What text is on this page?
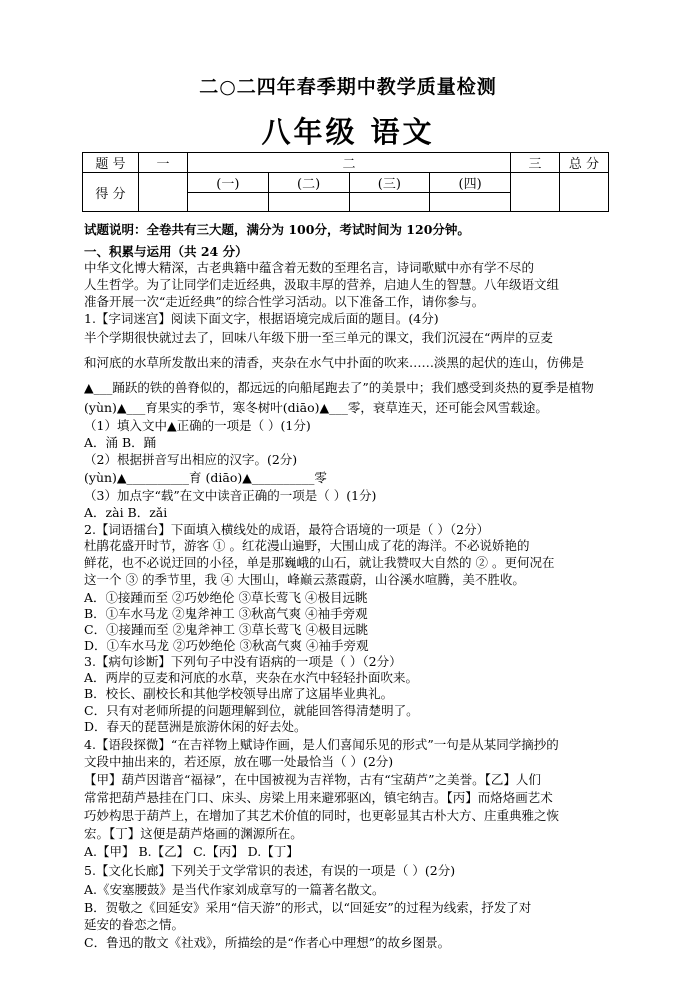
二○二四年春季期中教学质量检测
八年级 语文
题 号	一	二				三	总 分
得 分		(一)	(二)	(三)	(四)		

试题说明：全卷共有三大题，满分为 100分，考试时间为 120分钟。
一、积累与运用（共 24 分）
中华文化博大精深，古老典籍中蕴含着无数的至理名言，诗词歌赋中亦有学不尽的
人生哲学。为了让同学们走近经典，汲取丰厚的营养，启迪人生的智慧。八年级语文组
准备开展一次“走近经典”的综合性学习活动。以下准备工作，请你参与。
1.【字词迷宫】阅读下面文字，根据语境完成后面的题目。(4分)
半个学期很快就过去了，回味八年级下册一至三单元的课文，我们沉浸在“两岸的豆麦
和河底的水草所发散出来的清香，夹杂在水气中扑面的吹来……淡黑的起伏的连山，仿佛是
▲___踊跃的铁的兽脊似的，都远远的向船尾跑去了”的美景中；我们感受到炎热的夏季是植物
(yùn)▲___育果实的季节，寒冬树叶(diāo)▲___零，衰草连天，还可能会风雪载途。
（1）填入文中▲正确的一项是（ ）(1分)
A．涌 B．踊
（2）根据拼音写出相应的汉字。(2分)
(yùn)▲__________育 (diāo)▲__________零
（3）加点字“载”在文中读音正确的一项是（ ）(1分)
A．zài B．zǎi
2.【词语擂台】下面填入横线处的成语，最符合语境的一项是（ ）（2分）
杜鹃花盛开时节，游客 ① 。红花漫山遍野，大围山成了花的海洋。不必说娇艳的
鲜花，也不必说迂回的小径，单是那巍峨的山石，就让我赞叹大自然的 ② 。更何况在
这一个 ③ 的季节里，我 ④ 大围山，峰巅云蒸霞蔚，山谷溪水喧腾，美不胜收。
A．①接踵而至 ②巧妙绝伦 ③草长莺飞 ④极目远眺
B．①车水马龙 ②鬼斧神工 ③秋高气爽 ④袖手旁观
C．①接踵而至 ②鬼斧神工 ③草长莺飞 ④极目远眺
D．①车水马龙 ②巧妙绝伦 ③秋高气爽 ④袖手旁观
3.【病句诊断】下列句子中没有语病的一项是（ ）（2分）
A．两岸的豆麦和河底的水草，夹杂在水汽中轻轻扑面吹来。
B．校长、副校长和其他学校领导出席了这届毕业典礼。
C．只有对老师所提的问题理解到位，就能回答得清楚明了。
D．春天的琵琶洲是旅游休闲的好去处。
4.【语段探微】“在吉祥物上赋诗作画，是人们喜闻乐见的形式”一句是从某同学摘抄的
文段中抽出来的，若还原，放在哪一处最恰当（ ）(2分)
【甲】葫芦因谐音“福禄”，在中国被视为吉祥物，古有“宝葫芦”之美誉。【乙】人们
常常把葫芦悬挂在门口、床头、房梁上用来避邪驱凶，镇宅纳吉。【丙】而烙烙画艺术
巧妙构思于葫芦上，在增加了其艺术价值的同时，也更彰显其古朴大方、庄重典雅之恢
宏。【丁】这便是葫芦烙画的渊源所在。
A.【甲】 B.【乙】 C.【丙】 D.【丁】
5.【文化长廊】下列关于文学常识的表述，有误的一项是（ ）(2分)
A.《安塞腰鼓》是当代作家刘成章写的一篇著名散文。
B．贺敬之《回延安》采用“信天游”的形式，以“回延安”的过程为线索，抒发了对
延安的眷恋之情。
C．鲁迅的散文《社戏》，所描绘的是“作者心中理想”的故乡图景。
